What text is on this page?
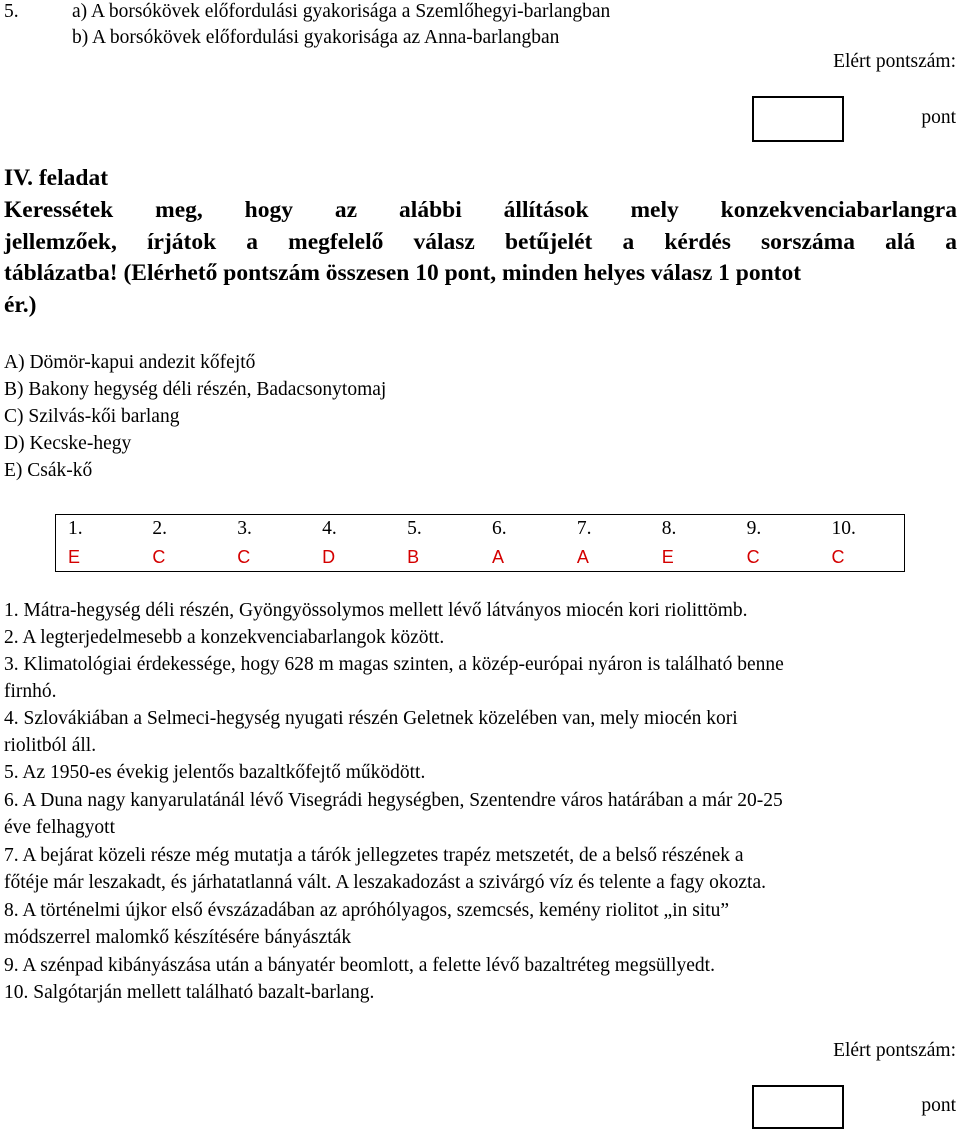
5.	a) A borsókövek előfordulási gyakorisága a Szemlőhegyi-barlangban
b) A borsókövek előfordulási gyakorisága az Anna-barlangban
Elért pontszám:
pont
IV. feladat
Keressétek meg, hogy az alábbi állítások mely konzekvenciabarlangra
jellemzőek, írjátok a megfelelő válasz betűjelét a kérdés sorszáma alá a
táblázatba! (Elérhető pontszám összesen 10 pont, minden helyes válasz 1 pontot
ér.)
A) Dömör-kapui andezit kőfejtő
B) Bakony hegység déli részén, Badacsonytomaj
C) Szilvás-kői barlang
D) Kecske-hegy
E) Csák-kő
1.	2.	3.	4.	5.	6.	7.	8.	9.	10.
E	C	C	D	B	A	A	E	C	C
1. Mátra-hegység déli részén, Gyöngyössolymos mellett lévő látványos miocén kori riolittömb.
2. A legterjedelmesebb a konzekvenciabarlangok között.
3. Klimatológiai érdekessége, hogy 628 m magas szinten, a közép-európai nyáron is található benne
firnhó.
4. Szlovákiában a Selmeci-hegység nyugati részén Geletnek közelében van, mely miocén kori
riolitból áll.
5. Az 1950-es évekig jelentős bazaltkőfejtő működött.
6. A Duna nagy kanyarulatánál lévő Visegrádi hegységben, Szentendre város határában a már 20-25
éve felhagyott
7. A bejárat közeli része még mutatja a tárók jellegzetes trapéz metszetét, de a belső részének a
főtéje már leszakadt, és járhatatlanná vált. A leszakadozást a szivárgó víz és telente a fagy okozta.
8. A történelmi újkor első évszázadában az apróhólyagos, szemcsés, kemény riolitot „in situ”
módszerrel malomkő készítésére bányászták
9. A szénpad kibányászása után a bányatér beomlott, a felette lévő bazaltréteg megsüllyedt.
10. Salgótarján mellett található bazalt-barlang.
Elért pontszám:
pont
